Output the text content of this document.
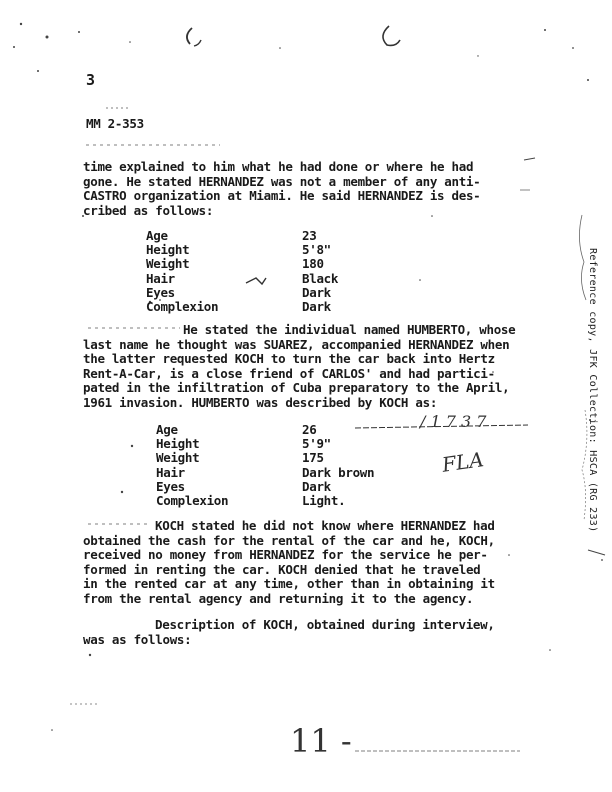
3
MM 2-353
time explained to him what he had done or where he had
gone. He stated HERNANDEZ was not a member of any anti-
CASTRO organization at Miami. He said HERNANDEZ is des-
cribed as follows:
Age	23
Height	5'8"
Weight	180
Hair	Black
Eyes	Dark
Complexion	Dark
He stated the individual named HUMBERTO, whose
last name he thought was SUAREZ, accompanied HERNANDEZ when
the latter requested KOCH to turn the car back into Hertz
Rent-A-Car, is a close friend of CARLOS' and had partici-
pated in the infiltration of Cuba preparatory to the April,
1961 invasion. HUMBERTO was described by KOCH as:
Age	26
Height	5'9"
Weight	175
Hair	Dark brown
Eyes	Dark
Complexion	Light.
/ 1 7 3 7
FLA
KOCH stated he did not know where HERNANDEZ had
obtained the cash for the rental of the car and he, KOCH,
received no money from HERNANDEZ for the service he per-
formed in renting the car. KOCH denied that he traveled
in the rented car at any time, other than in obtaining it
from the rental agency and returning it to the agency.
Description of KOCH, obtained during interview,
was as follows:
11 -
Reference copy, JFK Collection: HSCA (RG 233)
